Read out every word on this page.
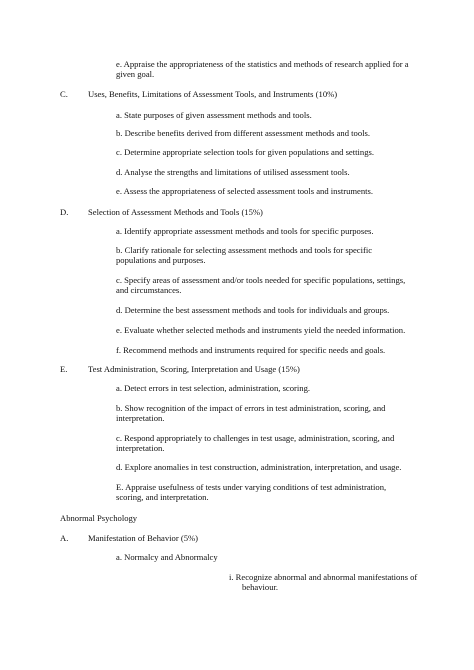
e. Appraise the appropriateness of the statistics and methods of research applied for a
given goal.
C. Uses, Benefits, Limitations of Assessment Tools, and Instruments (10%)
a. State purposes of given assessment methods and tools.
b. Describe benefits derived from different assessment methods and tools.
c. Determine appropriate selection tools for given populations and settings.
d. Analyse the strengths and limitations of utilised assessment tools.
e. Assess the appropriateness of selected assessment tools and instruments.
D. Selection of Assessment Methods and Tools (15%)
a. Identify appropriate assessment methods and tools for specific purposes.
b. Clarify rationale for selecting assessment methods and tools for specific
populations and purposes.
c. Specify areas of assessment and/or tools needed for specific populations, settings,
and circumstances.
d. Determine the best assessment methods and tools for individuals and groups.
e. Evaluate whether selected methods and instruments yield the needed information.
f. Recommend methods and instruments required for specific needs and goals.
E. Test Administration, Scoring, Interpretation and Usage (15%)
a. Detect errors in test selection, administration, scoring.
b. Show recognition of the impact of errors in test administration, scoring, and
interpretation.
c. Respond appropriately to challenges in test usage, administration, scoring, and
interpretation.
d. Explore anomalies in test construction, administration, interpretation, and usage.
E. Appraise usefulness of tests under varying conditions of test administration,
scoring, and interpretation.
Abnormal Psychology
A. Manifestation of Behavior (5%)
a. Normalcy and Abnormalcy
i. Recognize abnormal and abnormal manifestations of
behaviour.
